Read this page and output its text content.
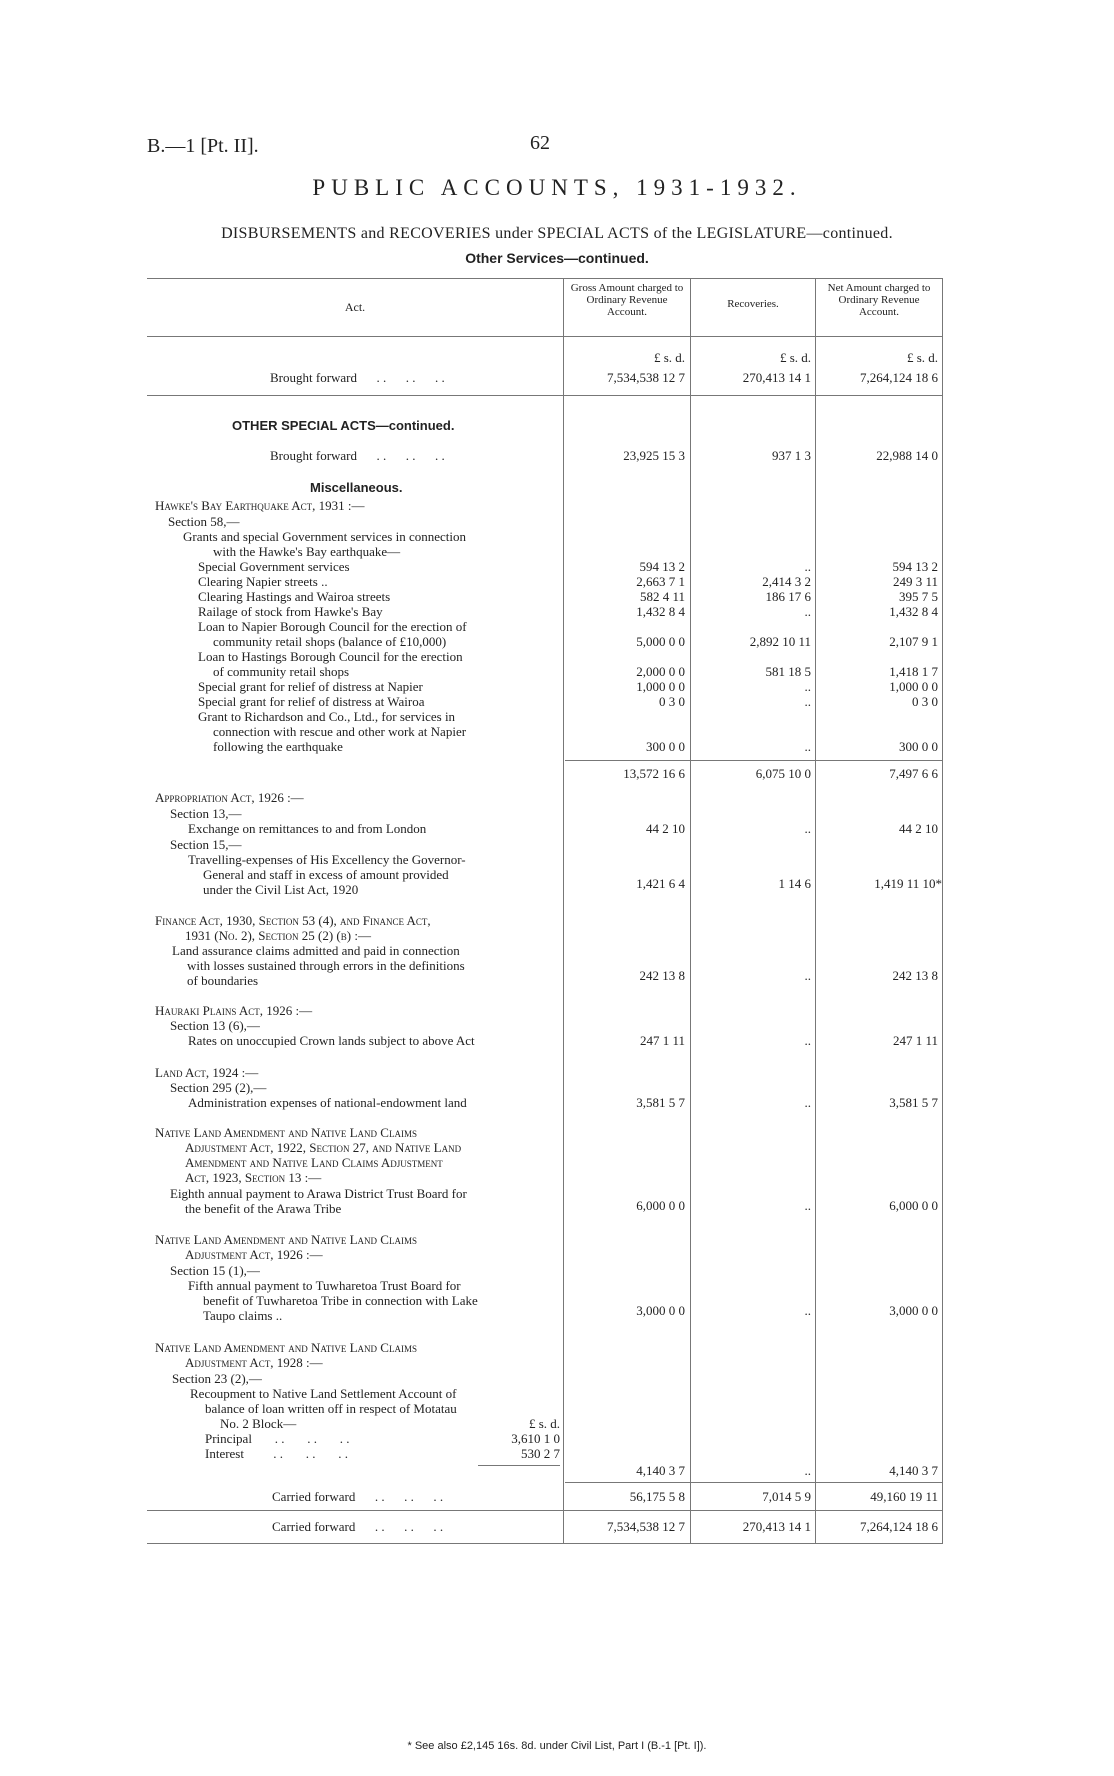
B.—1 [Pt. II].	62
PUBLIC ACCOUNTS, 1931-1932.
DISBURSEMENTS and RECOVERIES under SPECIAL ACTS of the LEGISLATURE—continued.
Other Services—continued.
Act.
Gross Amount charged to Ordinary Revenue Account.
Recoveries.
Net Amount charged to Ordinary Revenue Account.
£ s. d.	£ s. d.	£ s. d.
Brought forward      . .      . .      . .	7,534,538 12 7	270,413 14 1	7,264,124 18 6
OTHER SPECIAL ACTS—continued.
Brought forward      . .      . .      . .	23,925 15 3	937 1 3	22,988 14 0
Miscellaneous.
Hawke's Bay Earthquake Act, 1931 :—
Section 58,—
Grants and special Government services in connection
with the Hawke's Bay earthquake—
Special Government services	594 13 2	..	594 13 2
Clearing Napier streets ..	2,663 7 1	2,414 3 2	249 3 11
Clearing Hastings and Wairoa streets	582 4 11	186 17 6	395 7 5
Railage of stock from Hawke's Bay	1,432 8 4	..	1,432 8 4
Loan to Napier Borough Council for the erection of
community retail shops (balance of £10,000)	5,000 0 0	2,892 10 11	2,107 9 1
Loan to Hastings Borough Council for the erection
of community retail shops	2,000 0 0	581 18 5	1,418 1 7
Special grant for relief of distress at Napier	1,000 0 0	..	1,000 0 0
Special grant for relief of distress at Wairoa	0 3 0	..	0 3 0
Grant to Richardson and Co., Ltd., for services in
connection with rescue and other work at Napier
following the earthquake	300 0 0	..	300 0 0
13,572 16 6	6,075 10 0	7,497 6 6
Appropriation Act, 1926 :—
Section 13,—
Exchange on remittances to and from London	44 2 10	..	44 2 10
Section 15,—
Travelling-expenses of His Excellency the Governor-
General and staff in excess of amount provided
under the Civil List Act, 1920	1,421 6 4	1 14 6	1,419 11 10*
Finance Act, 1930, Section 53 (4), and Finance Act,
1931 (No. 2), Section 25 (2) (b) :—
Land assurance claims admitted and paid in connection
with losses sustained through errors in the definitions
of boundaries	242 13 8	..	242 13 8
Hauraki Plains Act, 1926 :—
Section 13 (6),—
Rates on unoccupied Crown lands subject to above Act	247 1 11	..	247 1 11
Land Act, 1924 :—
Section 295 (2),—
Administration expenses of national-endowment land	3,581 5 7	..	3,581 5 7
Native Land Amendment and Native Land Claims
Adjustment Act, 1922, Section 27, and Native Land
Amendment and Native Land Claims Adjustment
Act, 1923, Section 13 :—
Eighth annual payment to Arawa District Trust Board for
the benefit of the Arawa Tribe	6,000 0 0	..	6,000 0 0
Native Land Amendment and Native Land Claims
Adjustment Act, 1926 :—
Section 15 (1),—
Fifth annual payment to Tuwharetoa Trust Board for
benefit of Tuwharetoa Tribe in connection with Lake
Taupo claims ..	3,000 0 0	..	3,000 0 0
Native Land Amendment and Native Land Claims
Adjustment Act, 1928 :—
Section 23 (2),—
Recoupment to Native Land Settlement Account of
balance of loan written off in respect of Motatau
No. 2 Block—	£ s. d.
Principal       . .       . .       . .	3,610 1 0
Interest         . .       . .       . .	530 2 7
4,140 3 7	..	4,140 3 7
Carried forward      . .      . .      . .	56,175 5 8	7,014 5 9	49,160 19 11
Carried forward      . .      . .      . .	7,534,538 12 7	270,413 14 1	7,264,124 18 6
* See also £2,145 16s. 8d. under Civil List, Part I (B.-1 [Pt. I]).
